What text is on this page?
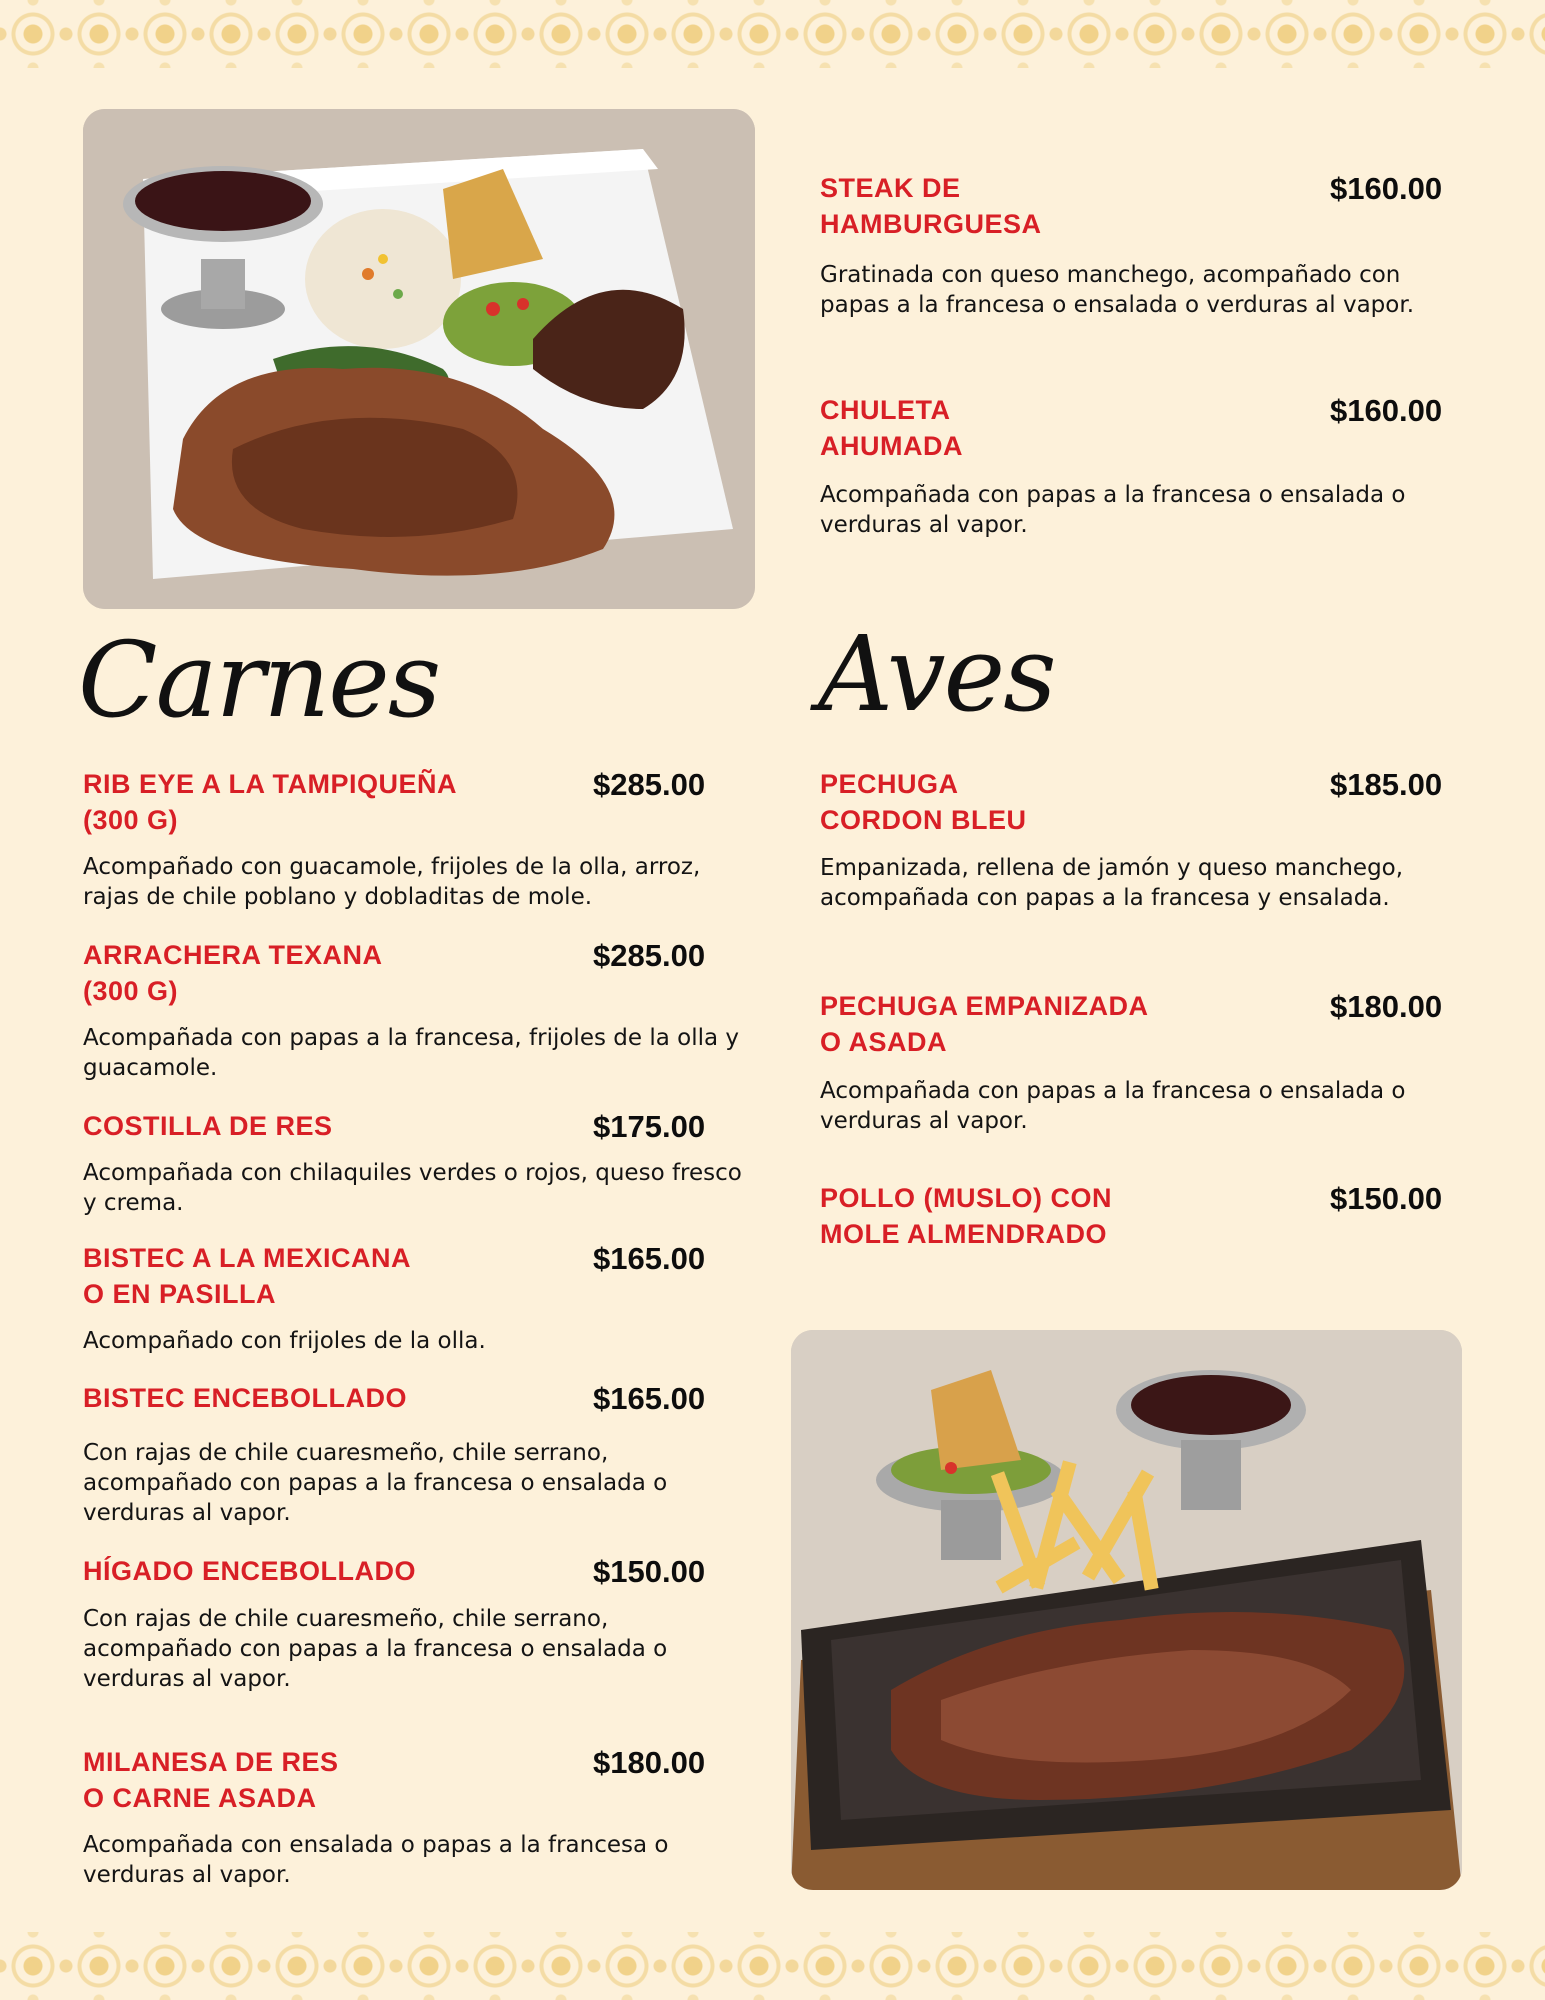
STEAK DE
HAMBURGUESA
$160.00
Gratinada con queso manchego, acompañado con papas a la francesa o ensalada o verduras al vapor.
CHULETA
AHUMADA
$160.00
Acompañada con papas a la francesa o ensalada o verduras al vapor.
Carnes	Aves
RIB EYE A LA TAMPIQUEÑA
(300 G)
$285.00
Acompañado con guacamole, frijoles de la olla, arroz, rajas de chile poblano y dobladitas de mole.
ARRACHERA TEXANA
(300 G)
$285.00
Acompañada con papas a la francesa, frijoles de la olla y guacamole.
COSTILLA DE RES	$175.00
Acompañada con chilaquiles verdes o rojos, queso fresco y crema.
BISTEC A LA MEXICANA
O EN PASILLA
$165.00
Acompañado con frijoles de la olla.
BISTEC ENCEBOLLADO	$165.00
Con rajas de chile cuaresmeño, chile serrano, acompañado con papas a la francesa o ensalada o verduras al vapor.
HÍGADO ENCEBOLLADO	$150.00
Con rajas de chile cuaresmeño, chile serrano, acompañado con papas a la francesa o ensalada o verduras al vapor.
MILANESA DE RES
O CARNE ASADA
$180.00
Acompañada con ensalada o papas a la francesa o verduras al vapor.
PECHUGA
CORDON BLEU
$185.00
Empanizada, rellena de jamón y queso manchego, acompañada con papas a la francesa y ensalada.
PECHUGA EMPANIZADA
O ASADA
$180.00
Acompañada con papas a la francesa o ensalada o verduras al vapor.
POLLO (MUSLO) CON
MOLE ALMENDRADO
$150.00
